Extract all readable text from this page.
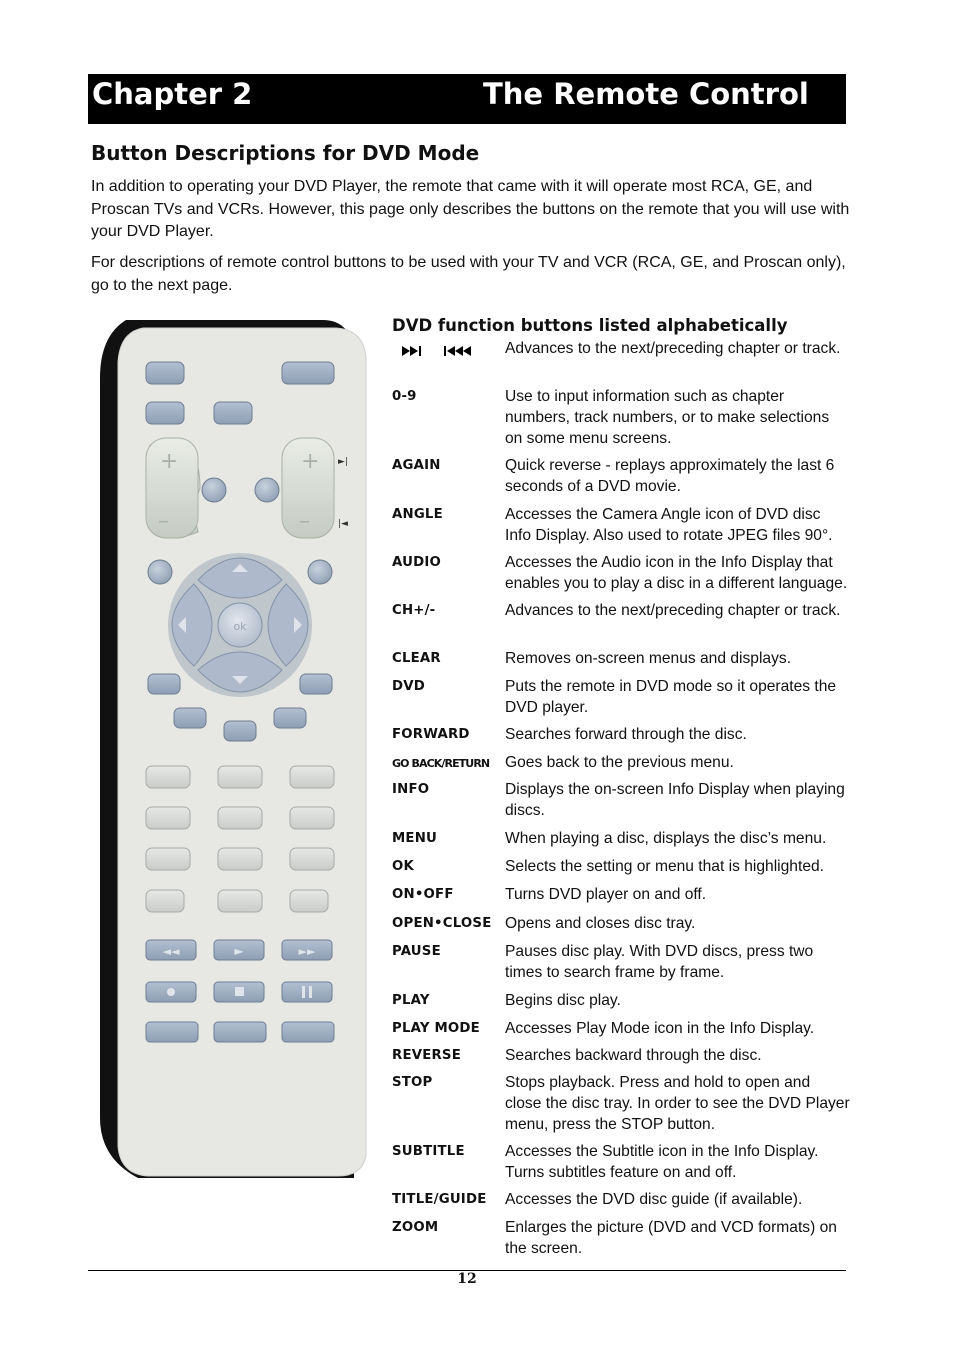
Chapter 2	The Remote Control
Button Descriptions for DVD Mode

In addition to operating your DVD Player, the remote that came with it will operate most RCA, GE, and Proscan TVs and VCRs. However, this page only describes the buttons on the remote that you will use with your DVD Player.

For descriptions of remote control buttons to be used with your TV and VCR (RCA, GE, and Proscan only), go to the next page.

+
–
+
–
►|
|◄
ok
◄◄	►	►►
DVD function buttons listed alphabetically
Advances to the next/preceding chapter or track.
0-9	Use to input information such as chapter numbers, track numbers, or to make selections on some menu screens.
AGAIN	Quick reverse - replays approximately the last 6 seconds of a DVD movie.
ANGLE	Accesses the Camera Angle icon of DVD disc Info Display. Also used to rotate JPEG files 90°.
AUDIO	Accesses the Audio icon in the Info Display that enables you to play a disc in a different language.
CH+/-	Advances to the next/preceding chapter or track.
CLEAR	Removes on-screen menus and displays.
DVD	Puts the remote in DVD mode so it operates the DVD player.
FORWARD	Searches forward through the disc.
GO BACK/RETURN	Goes back to the previous menu.
INFO	Displays the on-screen Info Display when playing discs.
MENU	When playing a disc, displays the disc’s menu.
OK	Selects the setting or menu that is highlighted.
ON•OFF	Turns DVD player on and off.
OPEN•CLOSE Opens and closes disc tray.
PAUSE	Pauses disc play. With DVD discs, press two times to search frame by frame.
PLAY	Begins disc play.
PLAY MODE	Accesses Play Mode icon in the Info Display.
REVERSE	Searches backward through the disc.
STOP	Stops playback. Press and hold to open and close the disc tray. In order to see the DVD Player menu, press the STOP button.
SUBTITLE	Accesses the Subtitle icon in the Info Display. Turns subtitles feature on and off.
TITLE/GUIDE	Accesses the DVD disc guide (if available).
ZOOM	Enlarges the picture (DVD and VCD formats) on the screen.
12
